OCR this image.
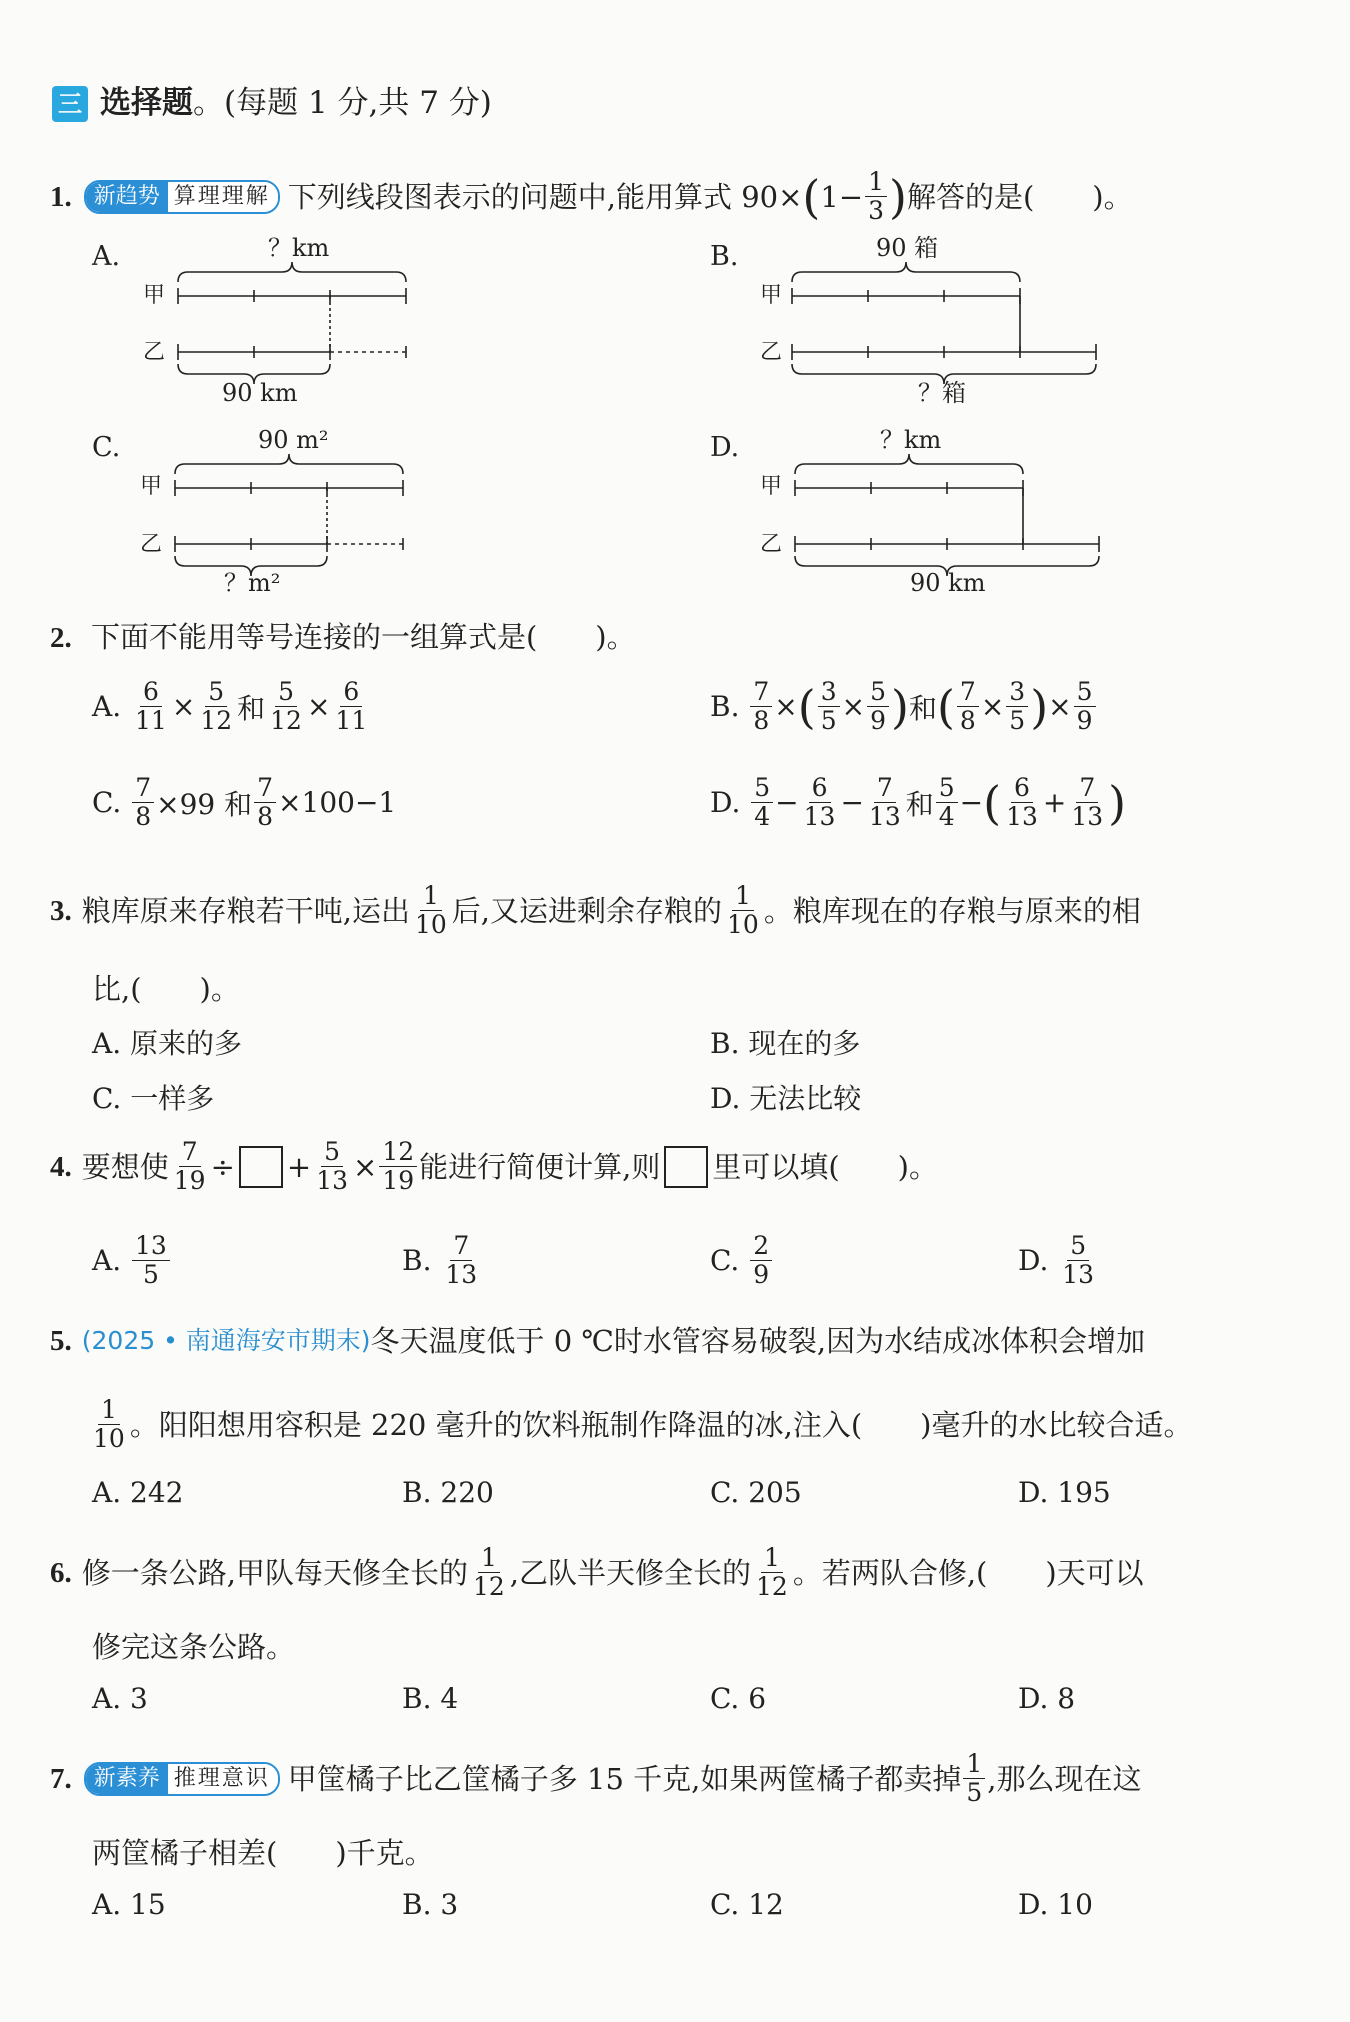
三 选择题。(每题 1 分,共 7 分)
1.	新趋势 算理理解 下列线段图表示的问题中,能用算式 90× ( $1- \frac{1}{3}$ ) 解答的是(　　)。
A.	？km
甲
乙
90 km
B.	90 箱
甲
乙
？箱
C.	90 m²
甲
乙
？m²
D.	？km
甲
乙
90 km
2. 下面不能用等号连接的一组算式是(　　)。
A.
$\frac{6}{11} \times \frac{5}{12}$ 和 $\frac{5}{12} \times \frac{6}{11}$	B.
$\frac{7}{8}$ × ( $\frac{3}{5} \times \frac{5}{9}$ ) 和 ( $\frac{7}{8} \times \frac{3}{5}$ ) × $\frac{5}{9}$
C.
$\frac{7}{8} \times 99$ 和 $\frac{7}{8} \times 100-1$	D.
$\frac{5}{4} - \frac{6}{13} - \frac{7}{13}$ 和 $\frac{5}{4}$ − ( $\frac{6}{13} + \frac{7}{13}$ )
3. 粮库原来存粮若干吨,运出 $\frac{1}{10}$ 后,又运进剩余存粮的 $\frac{1}{10}$ 。粮库现在的存粮与原来的相
比,(　　)。
A. 原来的多	B. 现在的多
C. 一样多	D. 无法比较
4. 要想使 $\frac{7}{19}$ ÷ + $\frac{5}{13} \times \frac{12}{19}$ 能进行简便计算,则 里可以填(　　)。
A.
$\frac{13}{5}$	B.
$\frac{7}{13}$	C.
$\frac{2}{9}$	D.
$\frac{5}{13}$
5. (2025 • 南通海安市期末) 冬天温度低于 0 ℃时水管容易破裂,因为水结成冰体积会增加
$\frac{1}{10}$ 。阳阳想用容积是 220 毫升的饮料瓶制作降温的冰,注入(　　)毫升的水比较合适。
A. 242	B. 220	C. 205	D. 195
6. 修一条公路,甲队每天修全长的 $\frac{1}{12}$ ,乙队半天修全长的 $\frac{1}{12}$ 。若两队合修,(　　)天可以
修完这条公路。
A. 3	B. 4	C. 6	D. 8
7.	新素养 推理意识 甲筐橘子比乙筐橘子多 15 千克,如果两筐橘子都卖掉 $\frac{1}{5}$ ,那么现在这
两筐橘子相差(　　)千克。
A. 15	B. 3	C. 12	D. 10
